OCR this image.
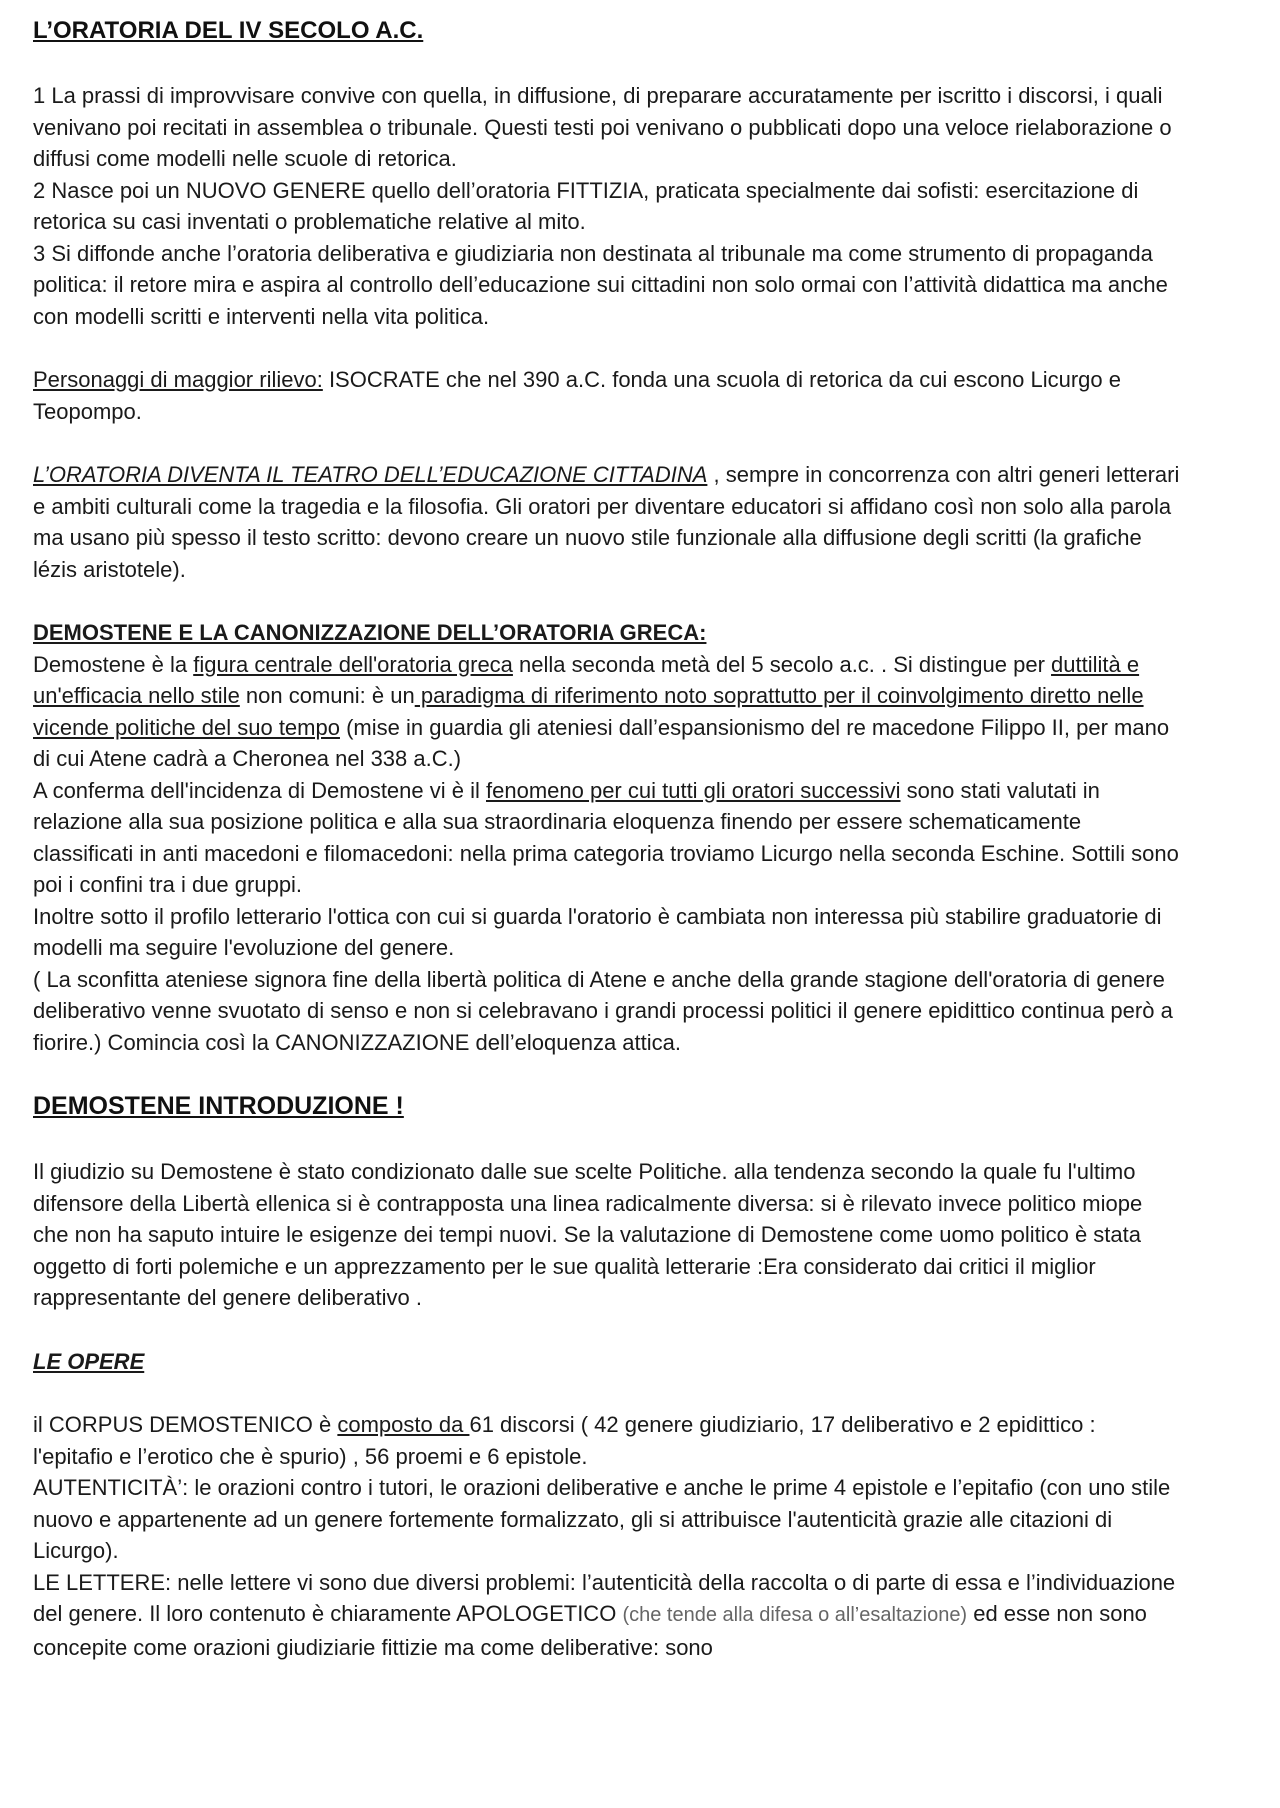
L’ORATORIA DEL IV SECOLO A.C.

1 La prassi di improvvisare convive con quella, in diffusione, di preparare accuratamente per iscritto i discorsi, i quali venivano poi recitati in assemblea o tribunale. Questi testi poi venivano o pubblicati dopo una veloce rielaborazione o diffusi come modelli nelle scuole di retorica.

2 Nasce poi un NUOVO GENERE quello dell’oratoria FITTIZIA, praticata specialmente dai sofisti: esercitazione di retorica su casi inventati o problematiche relative al mito.

3 Si diffonde anche l’oratoria deliberativa e giudiziaria non destinata al tribunale ma come strumento di propaganda politica: il retore mira e aspira al controllo dell’educazione sui cittadini non solo ormai con l’attività didattica ma anche con modelli scritti e interventi nella vita politica.

Personaggi di maggior rilievo: ISOCRATE che nel 390 a.C. fonda una scuola di retorica da cui escono Licurgo e Teopompo.

L’ORATORIA DIVENTA IL TEATRO DELL’EDUCAZIONE CITTADINA , sempre in concorrenza con altri generi letterari e ambiti culturali come la tragedia e la filosofia. Gli oratori per diventare educatori si affidano così non solo alla parola ma usano più spesso il testo scritto: devono creare un nuovo stile funzionale alla diffusione degli scritti (la grafiche lézis aristotele).

DEMOSTENE E LA CANONIZZAZIONE DELL’ORATORIA GRECA:

Demostene è la figura centrale dell'oratoria greca nella seconda metà del 5 secolo a.c. . Si distingue per duttilità e un'efficacia nello stile non comuni: è un paradigma di riferimento noto soprattutto per il coinvolgimento diretto nelle vicende politiche del suo tempo (mise in guardia gli ateniesi dall’espansionismo del re macedone Filippo II, per mano di cui Atene cadrà a Cheronea nel 338 a.C.)

A conferma dell'incidenza di Demostene vi è il fenomeno per cui tutti gli oratori successivi sono stati valutati in relazione alla sua posizione politica e alla sua straordinaria eloquenza finendo per essere schematicamente classificati in anti macedoni e filomacedoni: nella prima categoria troviamo Licurgo nella seconda Eschine. Sottili sono poi i confini tra i due gruppi.

Inoltre sotto il profilo letterario l'ottica con cui si guarda l'oratorio è cambiata non interessa più stabilire graduatorie di modelli ma seguire l'evoluzione del genere.

( La sconfitta ateniese signora fine della libertà politica di Atene e anche della grande stagione dell'oratoria di genere deliberativo venne svuotato di senso e non si celebravano i grandi processi politici il genere epidittico continua però a fiorire.) Comincia così la CANONIZZAZIONE dell’eloquenza attica.

DEMOSTENE INTRODUZIONE !

Il giudizio su Demostene è stato condizionato dalle sue scelte Politiche. alla tendenza secondo la quale fu l'ultimo difensore della Libertà ellenica si è contrapposta una linea radicalmente diversa: si è rilevato invece politico miope che non ha saputo intuire le esigenze dei tempi nuovi. Se la valutazione di Demostene come uomo politico è stata oggetto di forti polemiche e un apprezzamento per le sue qualità letterarie :Era considerato dai critici il miglior rappresentante del genere deliberativo .

LE OPERE

il CORPUS DEMOSTENICO è composto da 61 discorsi ( 42 genere giudiziario, 17 deliberativo e 2 epidittico : l'epitafio e l’erotico che è spurio) , 56 proemi e 6 epistole.

AUTENTICITÀ’: le orazioni contro i tutori, le orazioni deliberative e anche le prime 4 epistole e l’epitafio (con uno stile nuovo e appartenente ad un genere fortemente formalizzato, gli si attribuisce l'autenticità grazie alle citazioni di Licurgo).

LE LETTERE: nelle lettere vi sono due diversi problemi: l’autenticità della raccolta o di parte di essa e l’individuazione del genere. Il loro contenuto è chiaramente APOLOGETICO (che tende alla difesa o all’esaltazione) ed esse non sono concepite come orazioni giudiziarie fittizie ma come deliberative: sono
